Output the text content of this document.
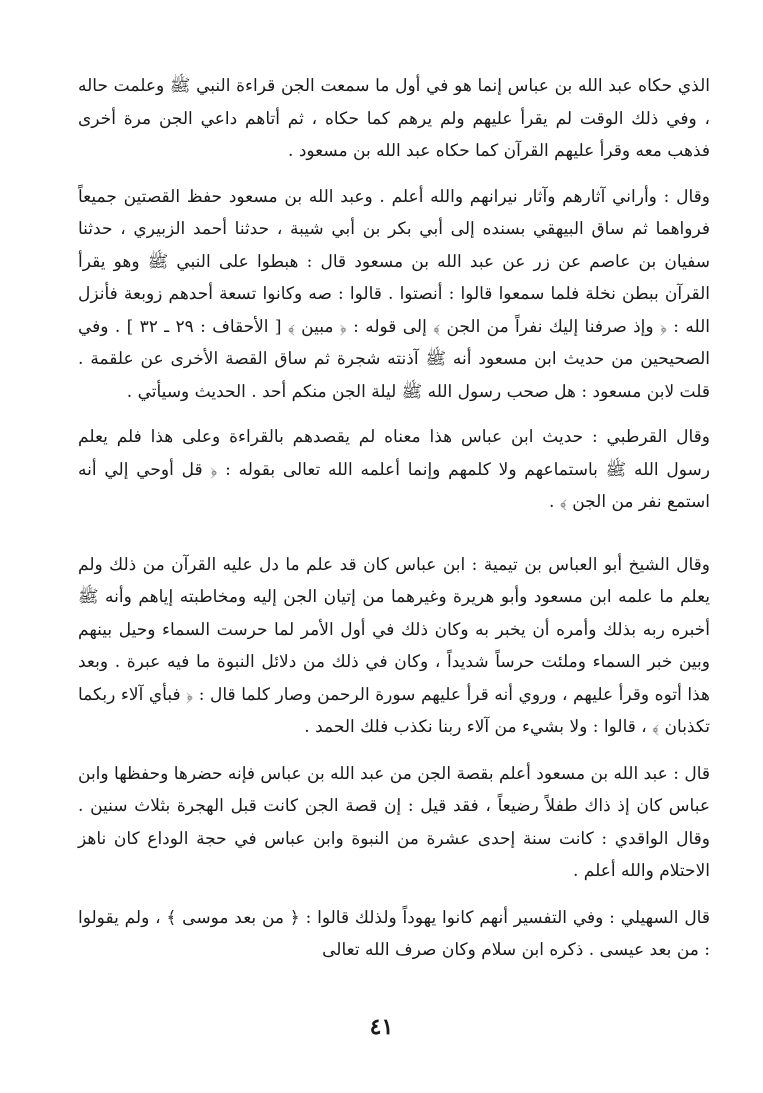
الذي حكاه عبد الله بن عباس إنما هو في أول ما سمعت الجن قراءة النبي ﷺ وعلمت حاله ، وفي ذلك الوقت لم يقرأ عليهم ولم يرهم كما حكاه ، ثم أتاهم داعي الجن مرة أخرى فذهب معه وقرأ عليهم القرآن كما حكاه عبد الله بن مسعود .

وقال : وأراني آثارهم وآثار نيرانهم والله أعلم . وعبد الله بن مسعود حفظ القصتين جميعاً فرواهما ثم ساق البيهقي بسنده إلى أبي بكر بن أبي شيبة ، حدثنا أحمد الزبيري ، حدثنا سفيان بن عاصم عن زر عن عبد الله بن مسعود قال : هبطوا على النبي ﷺ وهو يقرأ القرآن ببطن نخلة فلما سمعوا قالوا : أنصتوا . قالوا : صه وكانوا تسعة أحدهم زوبعة فأنزل الله : ﴿ وإذ صرفنا إليك نفراً من الجن ﴾ إلى قوله : ﴿ مبين ﴾ [ الأحقاف : ٢٩ ـ ٣٢ ] . وفي الصحيحين من حديث ابن مسعود أنه ﷺ آذنته شجرة ثم ساق القصة الأخرى عن علقمة . قلت لابن مسعود : هل صحب رسول الله ﷺ ليلة الجن منكم أحد . الحديث وسيأتي .

وقال القرطبي : حديث ابن عباس هذا معناه لم يقصدهم بالقراءة وعلى هذا فلم يعلم رسول الله ﷺ باستماعهم ولا كلمهم وإنما أعلمه الله تعالى بقوله : ﴿ قل أوحي إلي أنه استمع نفر من الجن ﴾ .

وقال الشيخ أبو العباس بن تيمية : ابن عباس كان قد علم ما دل عليه القرآن من ذلك ولم يعلم ما علمه ابن مسعود وأبو هريرة وغيرهما من إتيان الجن إليه ومخاطبته إياهم وأنه ﷺ أخبره ربه بذلك وأمره أن يخبر به وكان ذلك في أول الأمر لما حرست السماء وحيل بينهم وبين خبر السماء وملئت حرساً شديداً ، وكان في ذلك من دلائل النبوة ما فيه عبرة . وبعد هذا أتوه وقرأ عليهم ، وروي أنه قرأ عليهم سورة الرحمن وصار كلما قال : ﴿ فبأي آلاء ربكما تكذبان ﴾ ، قالوا : ولا بشيء من آلاء ربنا نكذب فلك الحمد .

قال : عبد الله بن مسعود أعلم بقصة الجن من عبد الله بن عباس فإنه حضرها وحفظها وابن عباس كان إذ ذاك طفلاً رضيعاً ، فقد قيل : إن قصة الجن كانت قبل الهجرة بثلاث سنين . وقال الواقدي : كانت سنة إحدى عشرة من النبوة وابن عباس في حجة الوداع كان ناهز الاحتلام والله أعلم .

قال السهيلي : وفي التفسير أنهم كانوا يهوداً ولذلك قالوا : ﴿ من بعد موسى ﴾ ، ولم يقولوا : من بعد عيسى . ذكره ابن سلام وكان صرف الله تعالى

٤١
